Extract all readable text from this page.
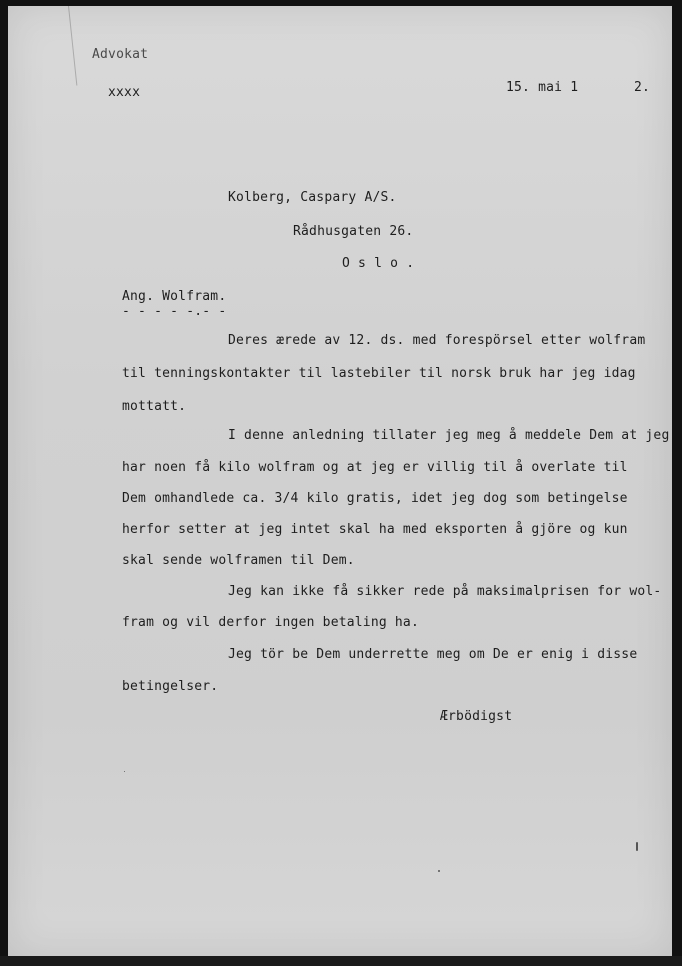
Advokat
xxxx	15. mai 1	2.
Kolberg, Caspary A/S.
Rådhusgaten 26.
O s l o .
Ang. Wolfram.
- - - - -.- -
Deres ærede av 12. ds. med forespörsel etter wolfram
til tenningskontakter til lastebiler til norsk bruk har jeg idag
mottatt.
I denne anledning tillater jeg meg å meddele Dem at jeg
har noen få kilo wolfram og at jeg er villig til å overlate til
Dem omhandlede ca. 3/4 kilo gratis, idet jeg dog som betingelse
herfor setter at jeg intet skal ha med eksporten å gjöre og kun
skal sende wolframen til Dem.
Jeg kan ikke få sikker rede på maksimalprisen for wol-
fram og vil derfor ingen betaling ha.
Jeg tör be Dem underrette meg om De er enig i disse
betingelser.
Ærbödigst
